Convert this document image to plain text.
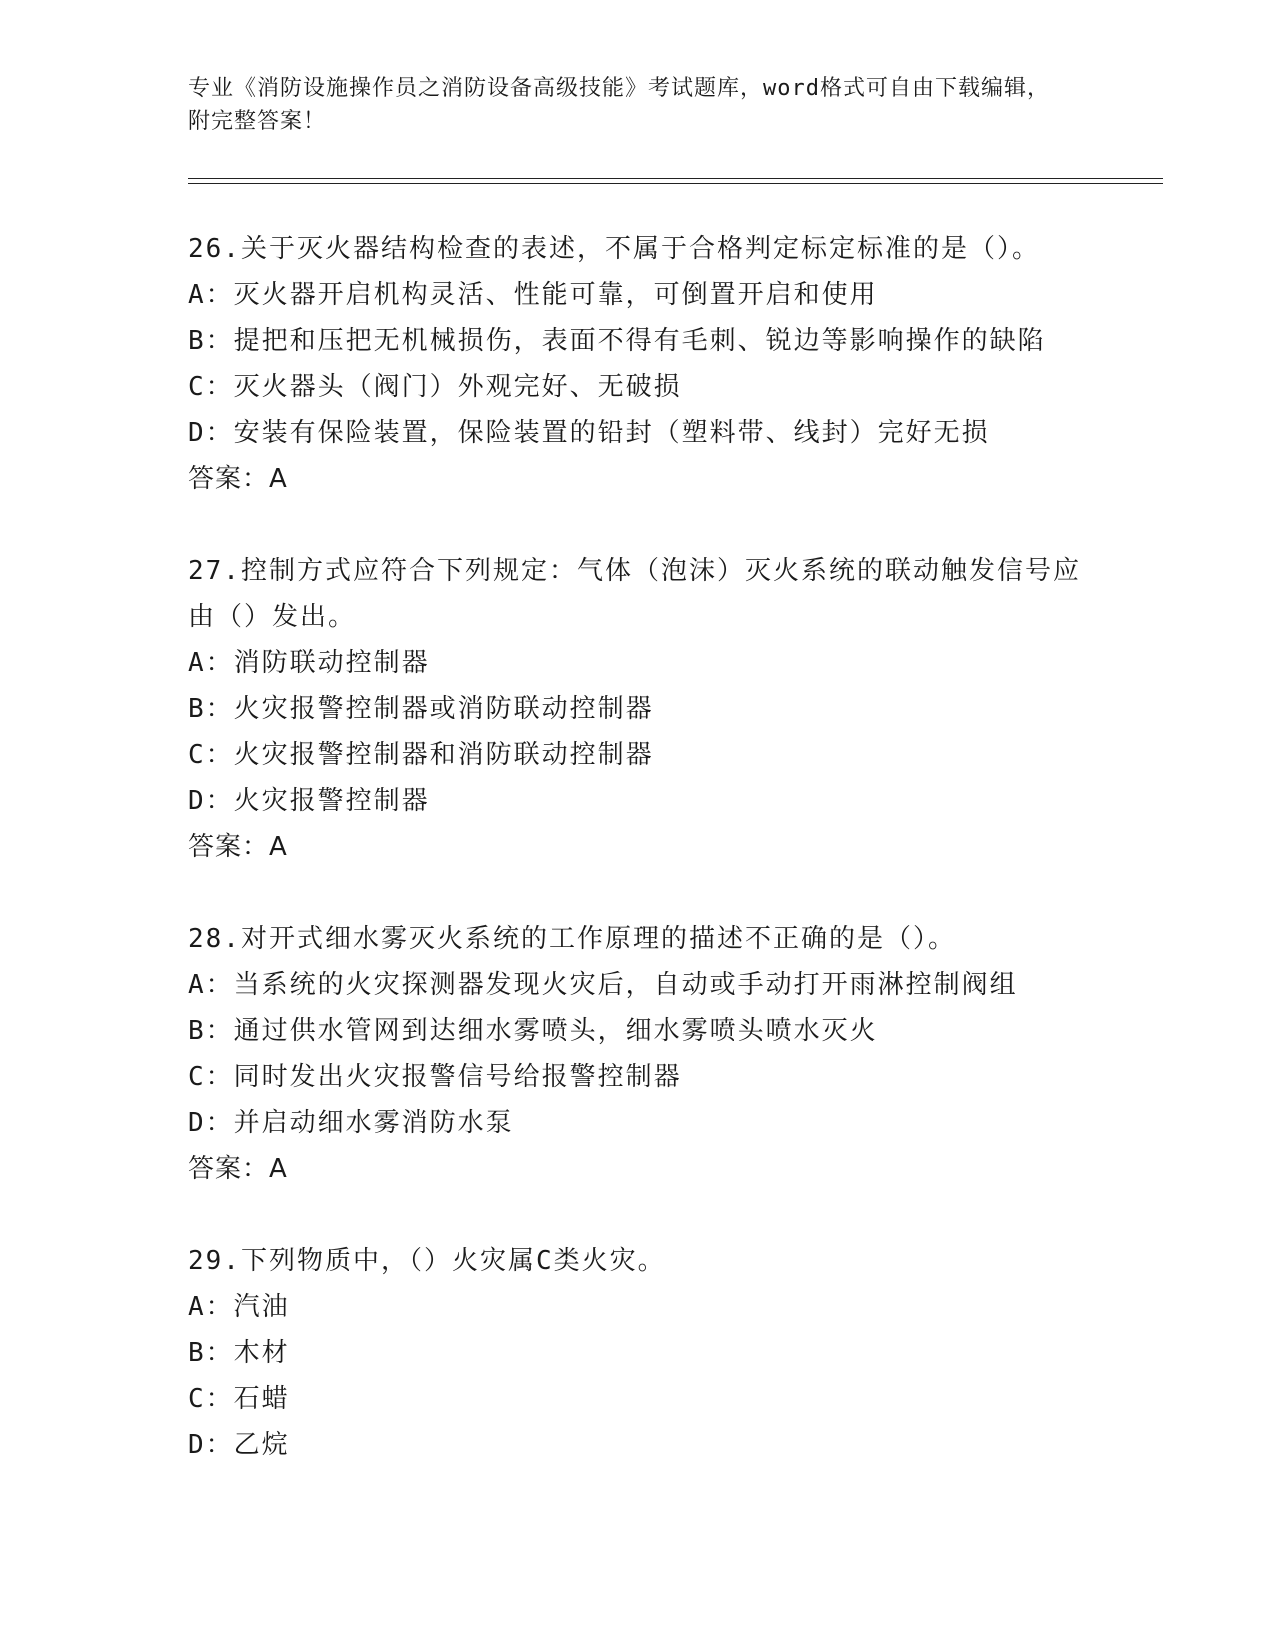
专业《消防设施操作员之消防设备高级技能》考试题库，word格式可自由下载编辑，附完整答案！
26.关于灭火器结构检查的表述，不属于合格判定标定标准的是（）。
A：灭火器开启机构灵活、性能可靠，可倒置开启和使用
B：提把和压把无机械损伤，表面不得有毛刺、锐边等影响操作的缺陷
C：灭火器头（阀门）外观完好、无破损
D：安装有保险装置，保险装置的铅封（塑料带、线封）完好无损
答案：A
27.控制方式应符合下列规定：气体（泡沫）灭火系统的联动触发信号应由（）发出。
A：消防联动控制器
B：火灾报警控制器或消防联动控制器
C：火灾报警控制器和消防联动控制器
D：火灾报警控制器
答案：A
28.对开式细水雾灭火系统的工作原理的描述不正确的是（）。
A：当系统的火灾探测器发现火灾后，自动或手动打开雨淋控制阀组
B：通过供水管网到达细水雾喷头，细水雾喷头喷水灭火
C：同时发出火灾报警信号给报警控制器
D：并启动细水雾消防水泵
答案：A
29.下列物质中，（）火灾属C类火灾。
A：汽油
B：木材
C：石蜡
D：乙烷
